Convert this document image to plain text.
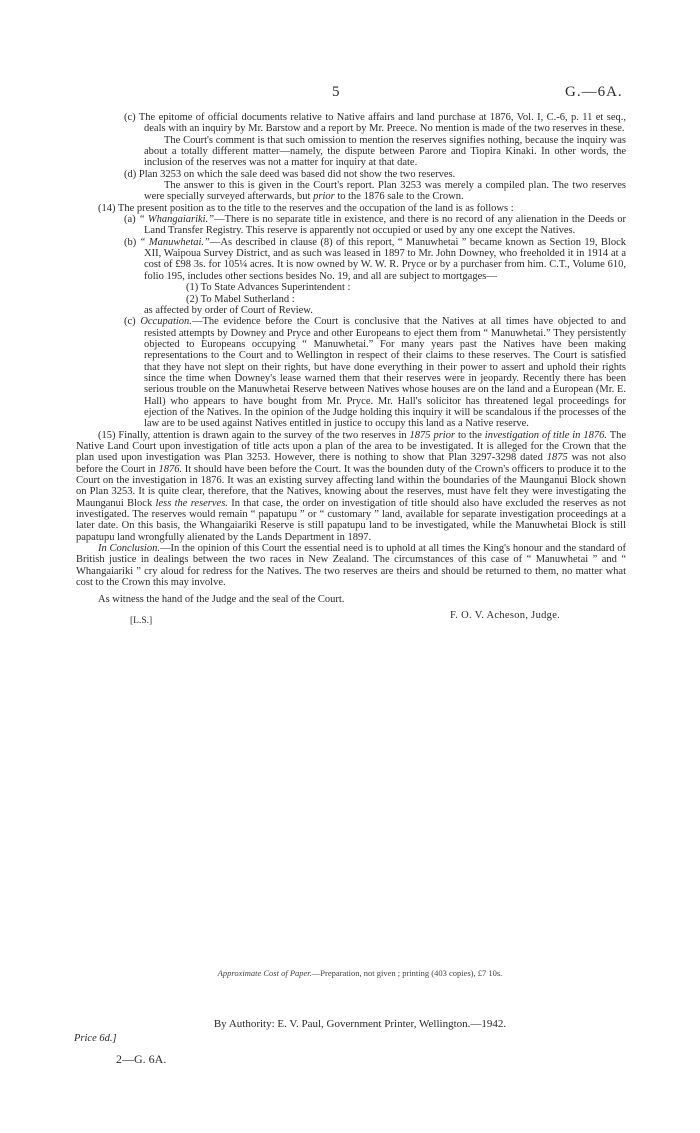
5	G.—6A.

(c) The epitome of official documents relative to Native affairs and land purchase at 1876, Vol. I, C.-6, p. 11 et seq., deals with an inquiry by Mr. Barstow and a report by Mr. Preece. No mention is made of the two reserves in these.

The Court's comment is that such omission to mention the reserves signifies nothing, because the inquiry was about a totally different matter—namely, the dispute between Parore and Tiopira Kinaki. In other words, the inclusion of the reserves was not a matter for inquiry at that date.

(d) Plan 3253 on which the sale deed was based did not show the two reserves.

The answer to this is given in the Court's report. Plan 3253 was merely a compiled plan. The two reserves were specially surveyed afterwards, but prior to the 1876 sale to the Crown.

(14) The present position as to the title to the reserves and the occupation of the land is as follows :

(a) “ Whangaiariki.”—There is no separate title in existence, and there is no record of any alienation in the Deeds or Land Transfer Registry. This reserve is apparently not occupied or used by any one except the Natives.

(b) “ Manuwhetai.”—As described in clause (8) of this report, “ Manuwhetai ” became known as Section 19, Block XII, Waipoua Survey District, and as such was leased in 1897 to Mr. John Downey, who freeholded it in 1914 at a cost of £98 3s. for 105¼ acres. It is now owned by W. W. R. Pryce or by a purchaser from him. C.T., Volume 610, folio 195, includes other sections besides No. 19, and all are subject to mortgages—

(1) To State Advances Superintendent :

(2) To Mabel Sutherland :

as affected by order of Court of Review.

(c) Occupation.—The evidence before the Court is conclusive that the Natives at all times have objected to and resisted attempts by Downey and Pryce and other Europeans to eject them from “ Manuwhetai.” They persistently objected to Europeans occupying “ Manuwhetai.” For many years past the Natives have been making representations to the Court and to Wellington in respect of their claims to these reserves. The Court is satisfied that they have not slept on their rights, but have done everything in their power to assert and uphold their rights since the time when Downey's lease warned them that their reserves were in jeopardy. Recently there has been serious trouble on the Manuwhetai Reserve between Natives whose houses are on the land and a European (Mr. E. Hall) who appears to have bought from Mr. Pryce. Mr. Hall's solicitor has threatened legal proceedings for ejection of the Natives. In the opinion of the Judge holding this inquiry it will be scandalous if the processes of the law are to be used against Natives entitled in justice to occupy this land as a Native reserve.

(15) Finally, attention is drawn again to the survey of the two reserves in 1875 prior to the investigation of title in 1876. The Native Land Court upon investigation of title acts upon a plan of the area to be investigated. It is alleged for the Crown that the plan used upon investigation was Plan 3253. However, there is nothing to show that Plan 3297-3298 dated 1875 was not also before the Court in 1876. It should have been before the Court. It was the bounden duty of the Crown's officers to produce it to the Court on the investigation in 1876. It was an existing survey affecting land within the boundaries of the Maunganui Block shown on Plan 3253. It is quite clear, therefore, that the Natives, knowing about the reserves, must have felt they were investigating the Maunganui Block less the reserves. In that case, the order on investigation of title should also have excluded the reserves as not investigated. The reserves would remain “ papatupu ” or “ customary ” land, available for separate investigation proceedings at a later date. On this basis, the Whangaiariki Reserve is still papatupu land to be investigated, while the Manuwhetai Block is still papatupu land wrongfully alienated by the Lands Department in 1897.

In Conclusion.—In the opinion of this Court the essential need is to uphold at all times the King's honour and the standard of British justice in dealings between the two races in New Zealand. The circumstances of this case of “ Manuwhetai ” and “ Whangaiariki ” cry aloud for redress for the Natives. The two reserves are theirs and should be returned to them, no matter what cost to the Crown this may involve.

As witness the hand of the Judge and the seal of the Court.

[L.S.]	F. O. V. Acheson, Judge.
Approximate Cost of Paper.—Preparation, not given ; printing (403 copies), £7 10s.
By Authority: E. V. Paul, Government Printer, Wellington.—1942.
Price 6d.]
2—G. 6A.
